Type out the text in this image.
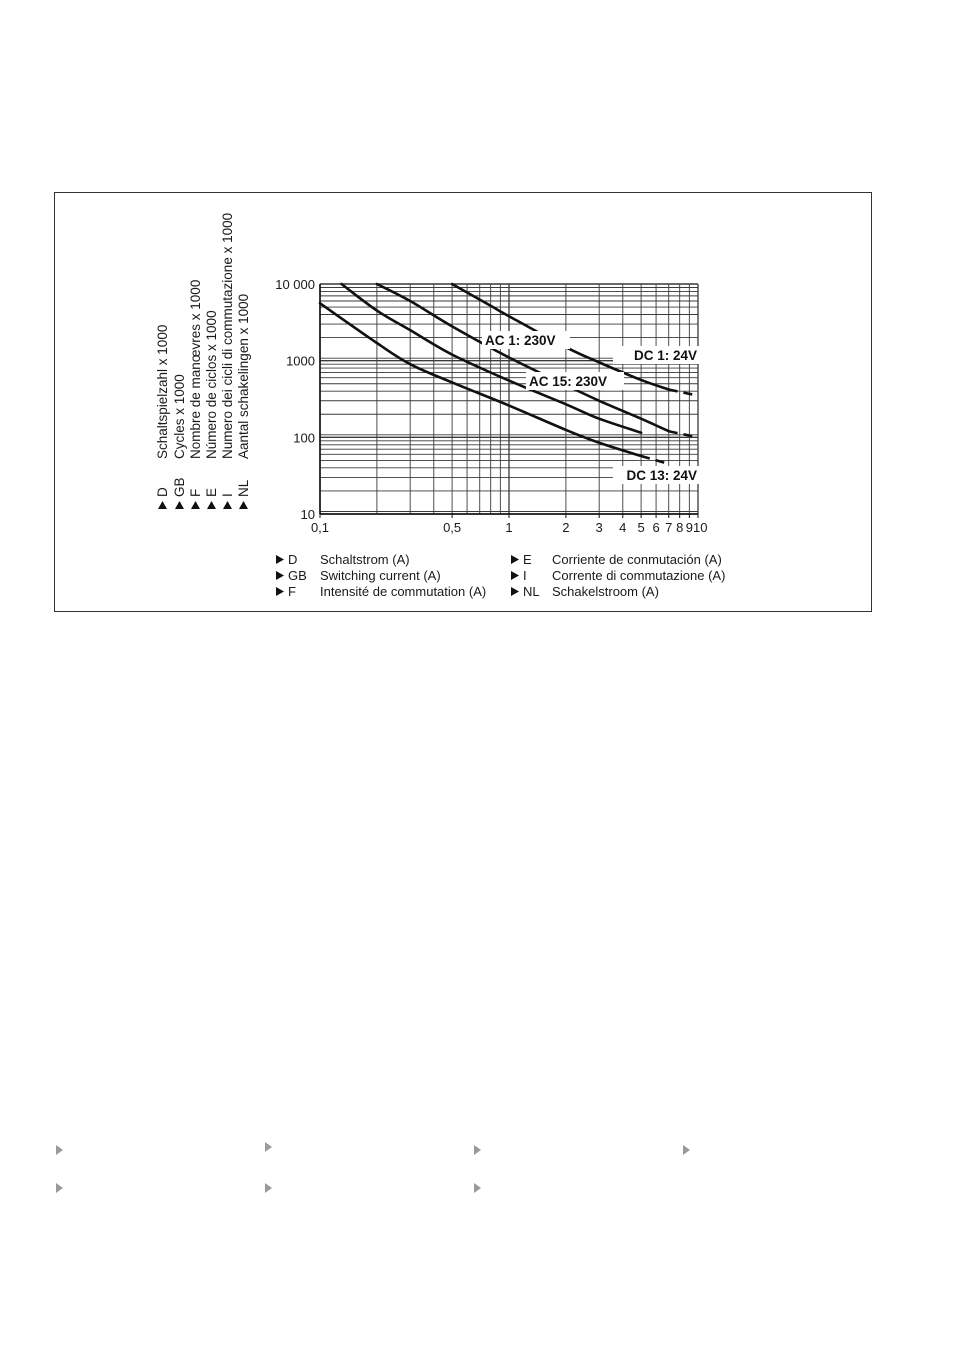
D
Schaltspielzahl x 1000
GB
Cycles x 1000
F
Nombre de manœvres x 1000
E
Número de ciclos x 1000
I
Numero dei cicli di commutazione x 1000
NL
Aantal schakelingen x 1000
10
100
1000
10 000
0,1	0,5	1	2 3 4 5 6 7 8 9 10
DC 1: 24V
AC 1: 230V
AC 15: 230V
DC 13: 24V
D Schaltstrom (A)
GB Switching current (A)
F Intensité de commutation (A)
E Corriente de conmutación (A)
I Corrente di commutazione (A)
NL Schakelstroom (A)
